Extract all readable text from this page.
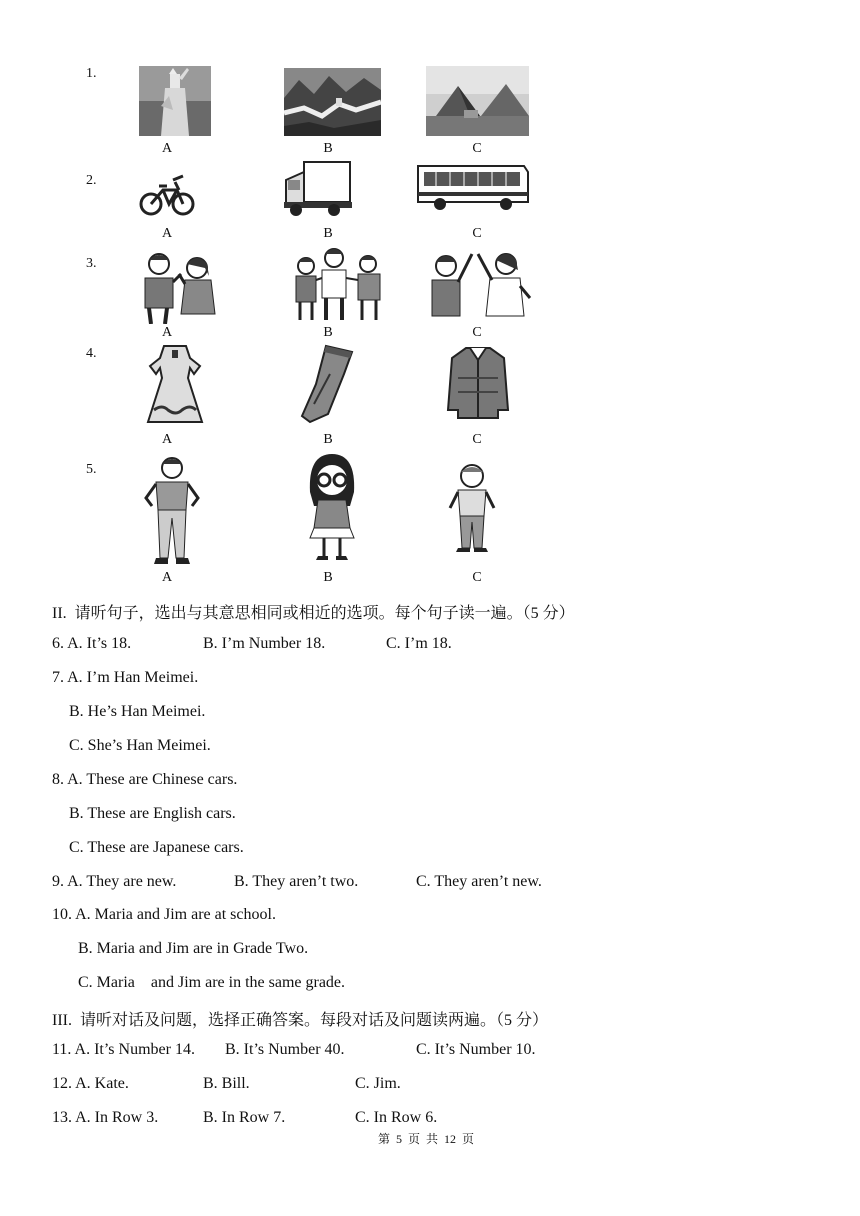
1.
A	B	C
2.
A	B	C
3.
A	B	C
4.
A	B	C
5.
A	B	C
II.  请听句子，选出与其意思相同或相近的选项。每个句子读一遍。（5 分）
6. A. It’s 18.	B. I’m Number 18.	C. I’m 18.
7. A. I’m Han Meimei.
B. He’s Han Meimei.
C. She’s Han Meimei.
8. A. These are Chinese cars.
B. These are English cars.
C. These are Japanese cars.
9. A. They are new.	B. They aren’t two.	C. They aren’t new.
10. A. Maria and Jim are at school.
B. Maria and Jim are in Grade Two.
C. Maria    and Jim are in the same grade.
III.  请听对话及问题，选择正确答案。每段对话及问题读两遍。（5 分）
11. A. It’s Number 14. B. It’s Number 40.	C. It’s Number 10.
12. A. Kate.	B. Bill.	C. Jim.
13. A. In Row 3.	B. In Row 7.	C. In Row 6.
第  5  页  共  12  页
